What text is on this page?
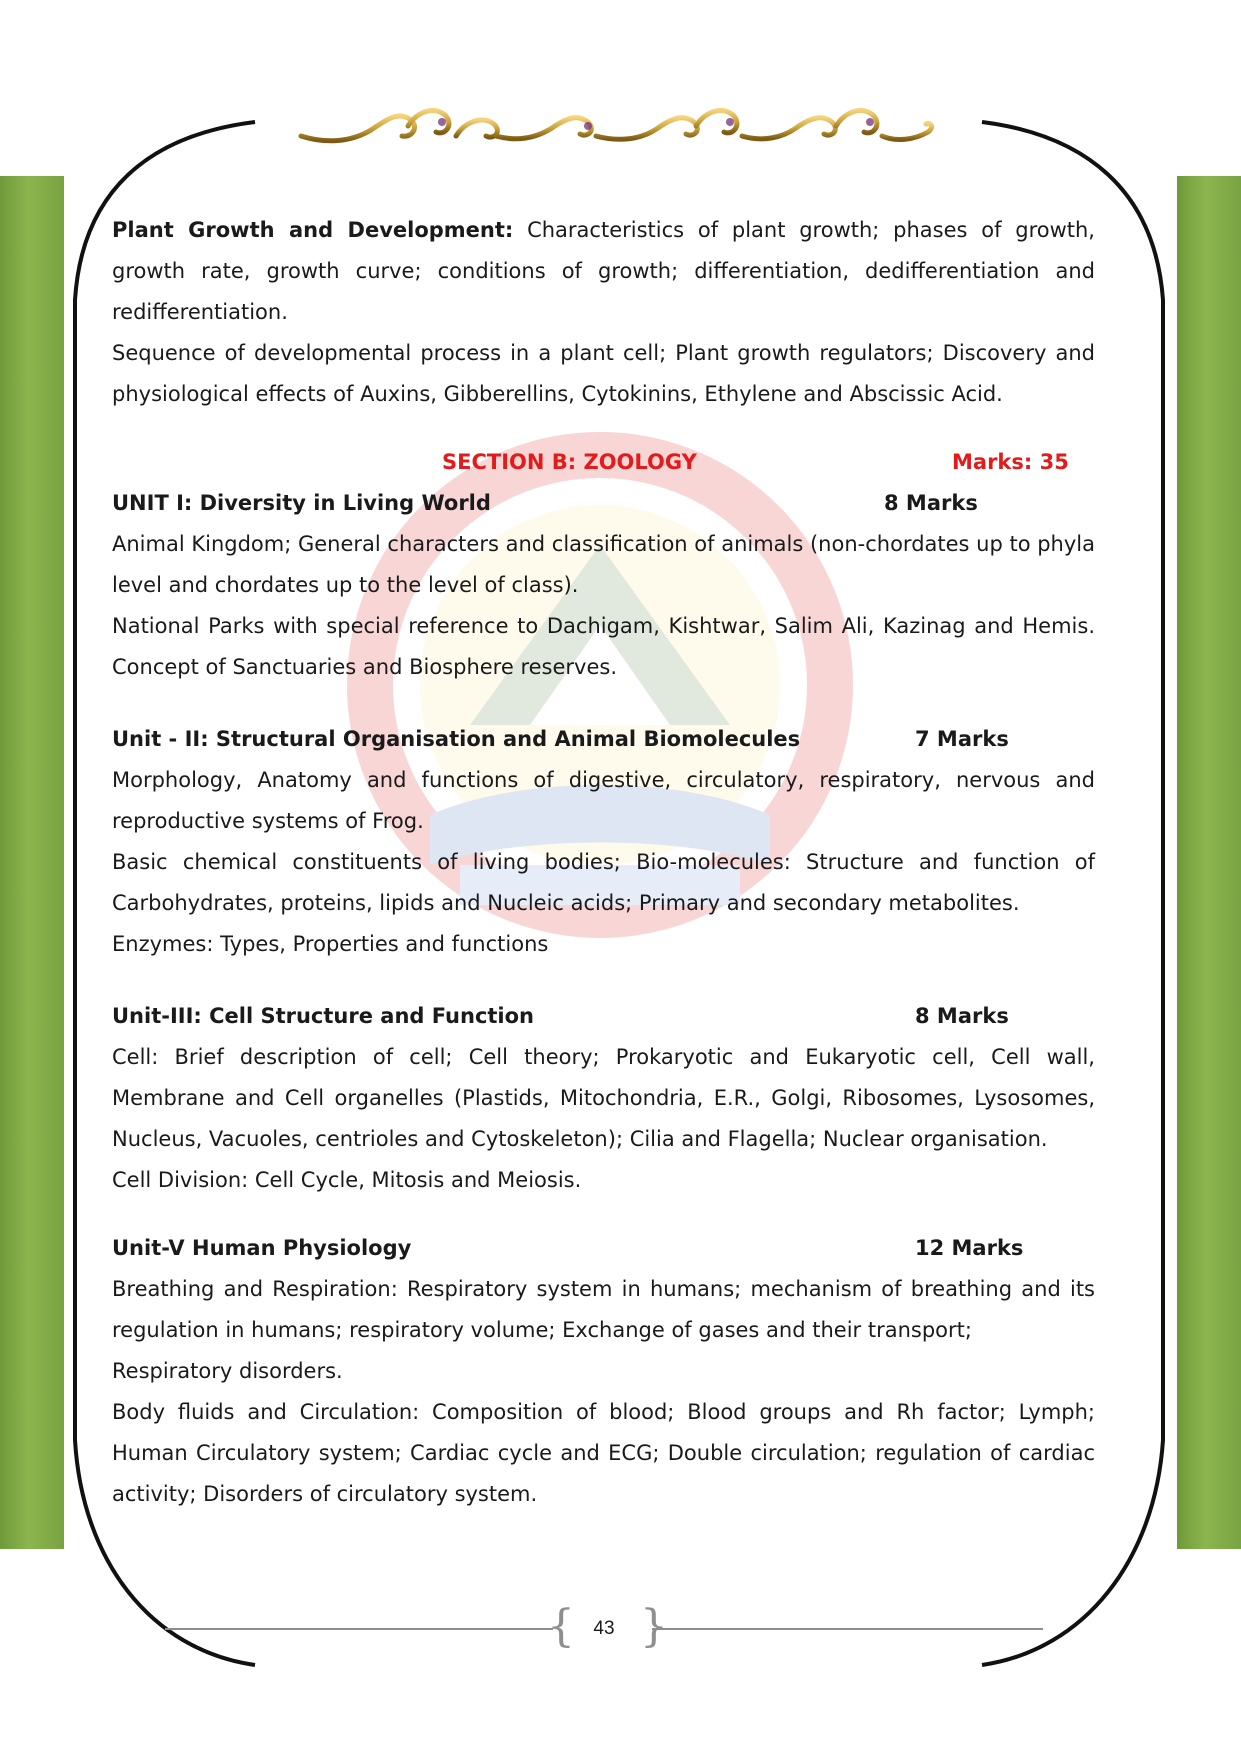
Plant Growth and Development: Characteristics of plant growth; phases of growth, growth rate, growth curve; conditions of growth; differentiation, dedifferentiation and redifferentiation.

Sequence of developmental process in a plant cell; Plant growth regulators; Discovery and physiological effects of Auxins, Gibberellins, Cytokinins, Ethylene and Abscissic Acid.

SECTION B: ZOOLOGY	Marks: 35
UNIT I: Diversity in Living World	8 Marks

Animal Kingdom; General characters and classification of animals (non-chordates up to phyla level and chordates up to the level of class).

National Parks with special reference to Dachigam, Kishtwar, Salim Ali, Kazinag and Hemis. Concept of Sanctuaries and Biosphere reserves.

Unit - II: Structural Organisation and Animal Biomolecules	7 Marks

Morphology, Anatomy and functions of digestive, circulatory, respiratory, nervous and reproductive systems of Frog.

Basic chemical constituents of living bodies; Bio-molecules: Structure and function of Carbohydrates, proteins, lipids and Nucleic acids; Primary and secondary metabolites.

Enzymes: Types, Properties and functions

Unit-III: Cell Structure and Function	8 Marks

Cell: Brief description of cell; Cell theory; Prokaryotic and Eukaryotic cell, Cell wall, Membrane and Cell organelles (Plastids, Mitochondria, E.R., Golgi, Ribosomes, Lysosomes, Nucleus, Vacuoles, centrioles and Cytoskeleton); Cilia and Flagella; Nuclear organisation.

Cell Division: Cell Cycle, Mitosis and Meiosis.

Unit-V Human Physiology	12 Marks

Breathing and Respiration: Respiratory system in humans; mechanism of breathing and its

regulation in humans; respiratory volume; Exchange of gases and their transport;

Respiratory disorders.

Body fluids and Circulation: Composition of blood; Blood groups and Rh factor; Lymph; Human Circulatory system; Cardiac cycle and ECG; Double circulation; regulation of cardiac activity; Disorders of circulatory system.

{ }
43
